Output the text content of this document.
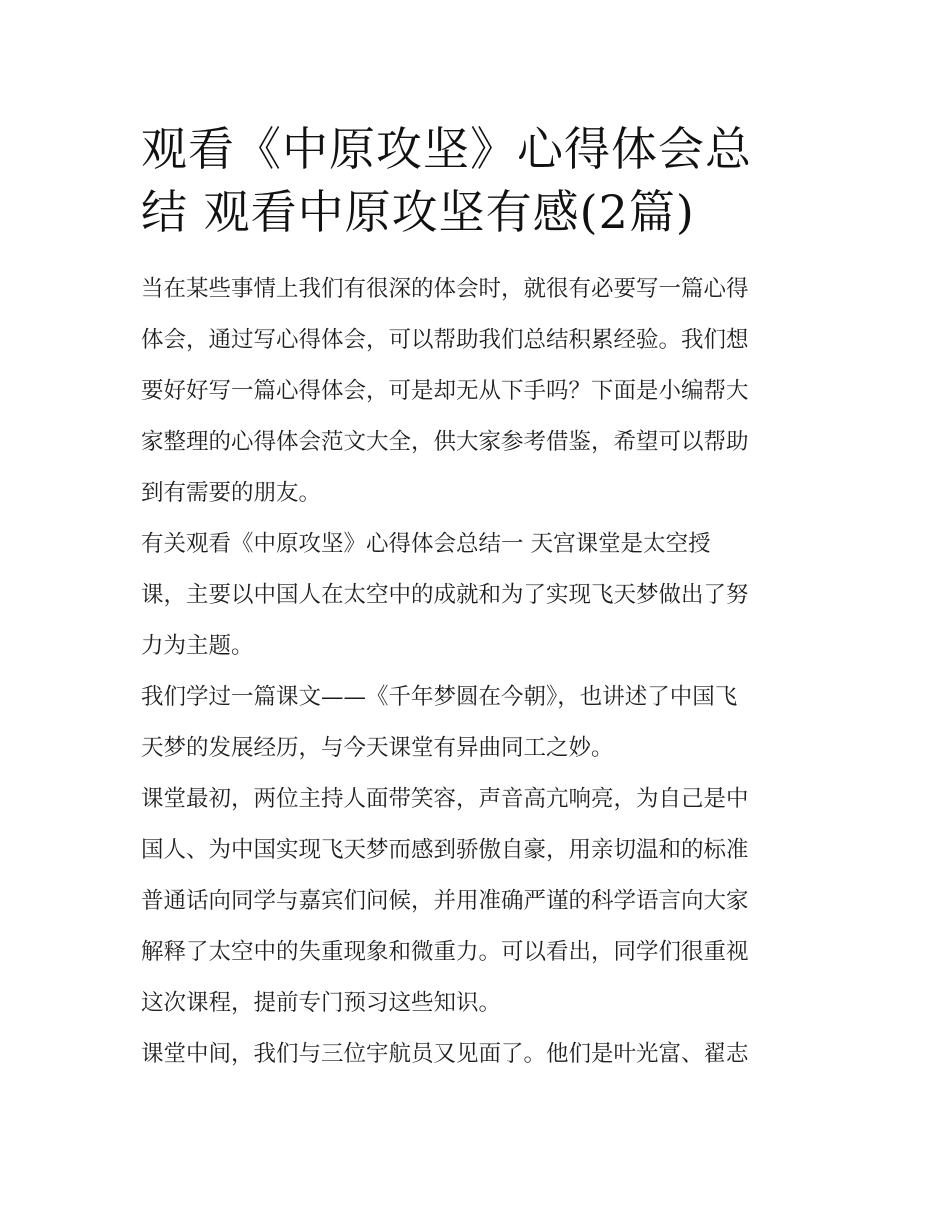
观看《中原攻坚》心得体会总
结 观看中原攻坚有感(2篇)

当在某些事情上我们有很深的体会时，就很有必要写一篇心得
体会，通过写心得体会，可以帮助我们总结积累经验。我们想
要好好写一篇心得体会，可是却无从下手吗？下面是小编帮大
家整理的心得体会范文大全，供大家参考借鉴，希望可以帮助
到有需要的朋友。

有关观看《中原攻坚》心得体会总结一 天宫课堂是太空授
课，主要以中国人在太空中的成就和为了实现飞天梦做出了努
力为主题。

我们学过一篇课文——《千年梦圆在今朝》，也讲述了中国飞
天梦的发展经历，与今天课堂有异曲同工之妙。

课堂最初，两位主持人面带笑容，声音高亢响亮，为自己是中
国人、为中国实现飞天梦而感到骄傲自豪，用亲切温和的标准
普通话向同学与嘉宾们问候，并用准确严谨的科学语言向大家
解释了太空中的失重现象和微重力。可以看出，同学们很重视
这次课程，提前专门预习这些知识。

课堂中间，我们与三位宇航员又见面了。他们是叶光富、翟志
